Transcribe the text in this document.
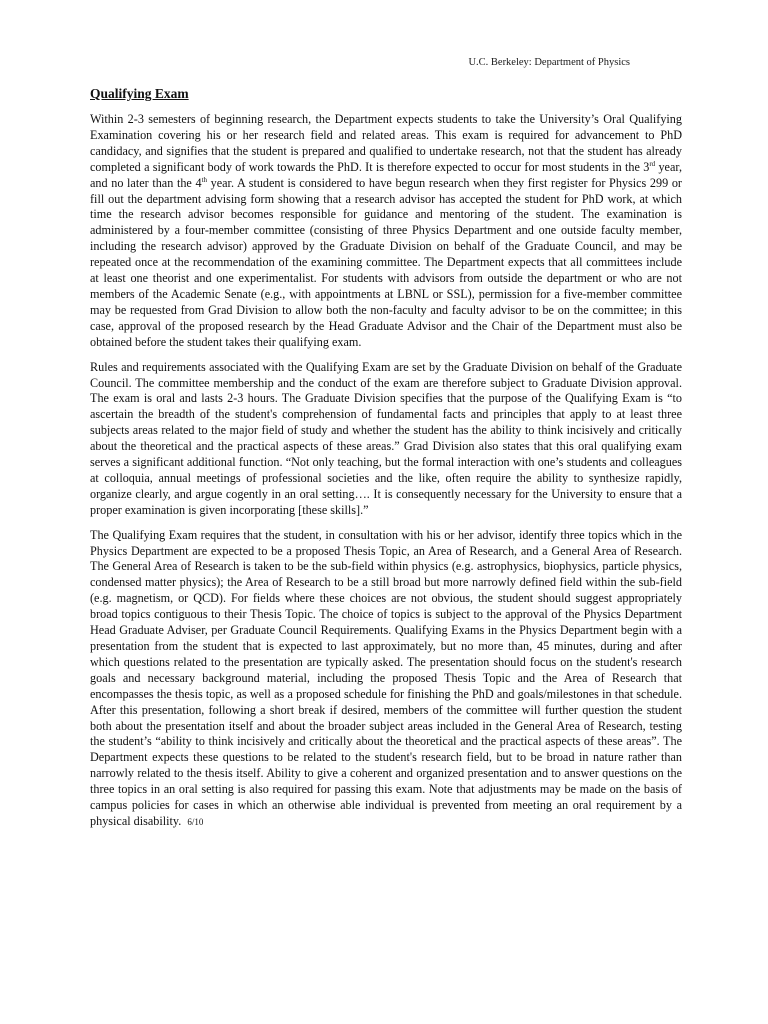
U.C. Berkeley: Department of Physics
Qualifying Exam

Within 2-3 semesters of beginning research, the Department expects students to take the University’s Oral Qualifying Examination covering his or her research field and related areas. This exam is required for advancement to PhD candidacy, and signifies that the student is prepared and qualified to undertake research, not that the student has already completed a significant body of work towards the PhD. It is therefore expected to occur for most students in the 3rd year, and no later than the 4th year. A student is considered to have begun research when they first register for Physics 299 or fill out the department advising form showing that a research advisor has accepted the student for PhD work, at which time the research advisor becomes responsible for guidance and mentoring of the student. The examination is administered by a four-member committee (consisting of three Physics Department and one outside faculty member, including the research advisor) approved by the Graduate Division on behalf of the Graduate Council, and may be repeated once at the recommendation of the examining committee. The Department expects that all committees include at least one theorist and one experimentalist. For students with advisors from outside the department or who are not members of the Academic Senate (e.g., with appointments at LBNL or SSL), permission for a five-member committee may be requested from Grad Division to allow both the non-faculty and faculty advisor to be on the committee; in this case, approval of the proposed research by the Head Graduate Advisor and the Chair of the Department must also be obtained before the student takes their qualifying exam.

Rules and requirements associated with the Qualifying Exam are set by the Graduate Division on behalf of the Graduate Council. The committee membership and the conduct of the exam are therefore subject to Graduate Division approval. The exam is oral and lasts 2-3 hours. The Graduate Division specifies that the purpose of the Qualifying Exam is “to ascertain the breadth of the student's comprehension of fundamental facts and principles that apply to at least three subjects areas related to the major field of study and whether the student has the ability to think incisively and critically about the theoretical and the practical aspects of these areas.” Grad Division also states that this oral qualifying exam serves a significant additional function. “Not only teaching, but the formal interaction with one’s students and colleagues at colloquia, annual meetings of professional societies and the like, often require the ability to synthesize rapidly, organize clearly, and argue cogently in an oral setting…. It is consequently necessary for the University to ensure that a proper examination is given incorporating [these skills].”

The Qualifying Exam requires that the student, in consultation with his or her advisor, identify three topics which in the Physics Department are expected to be a proposed Thesis Topic, an Area of Research, and a General Area of Research. The General Area of Research is taken to be the sub-field within physics (e.g. astrophysics, biophysics, particle physics, condensed matter physics); the Area of Research to be a still broad but more narrowly defined field within the sub-field (e.g. magnetism, or QCD). For fields where these choices are not obvious, the student should suggest appropriately broad topics contiguous to their Thesis Topic. The choice of topics is subject to the approval of the Physics Department Head Graduate Adviser, per Graduate Council Requirements. Qualifying Exams in the Physics Department begin with a presentation from the student that is expected to last approximately, but no more than, 45 minutes, during and after which questions related to the presentation are typically asked. The presentation should focus on the student's research goals and necessary background material, including the proposed Thesis Topic and the Area of Research that encompasses the thesis topic, as well as a proposed schedule for finishing the PhD and goals/milestones in that schedule. After this presentation, following a short break if desired, members of the committee will further question the student both about the presentation itself and about the broader subject areas included in the General Area of Research, testing the student’s “ability to think incisively and critically about the theoretical and the practical aspects of these areas”. The Department expects these questions to be related to the student's research field, but to be broad in nature rather than narrowly related to the thesis itself. Ability to give a coherent and organized presentation and to answer questions on the three topics in an oral setting is also required for passing this exam. Note that adjustments may be made on the basis of campus policies for cases in which an otherwise able individual is prevented from meeting an oral requirement by a physical disability. 6/10
